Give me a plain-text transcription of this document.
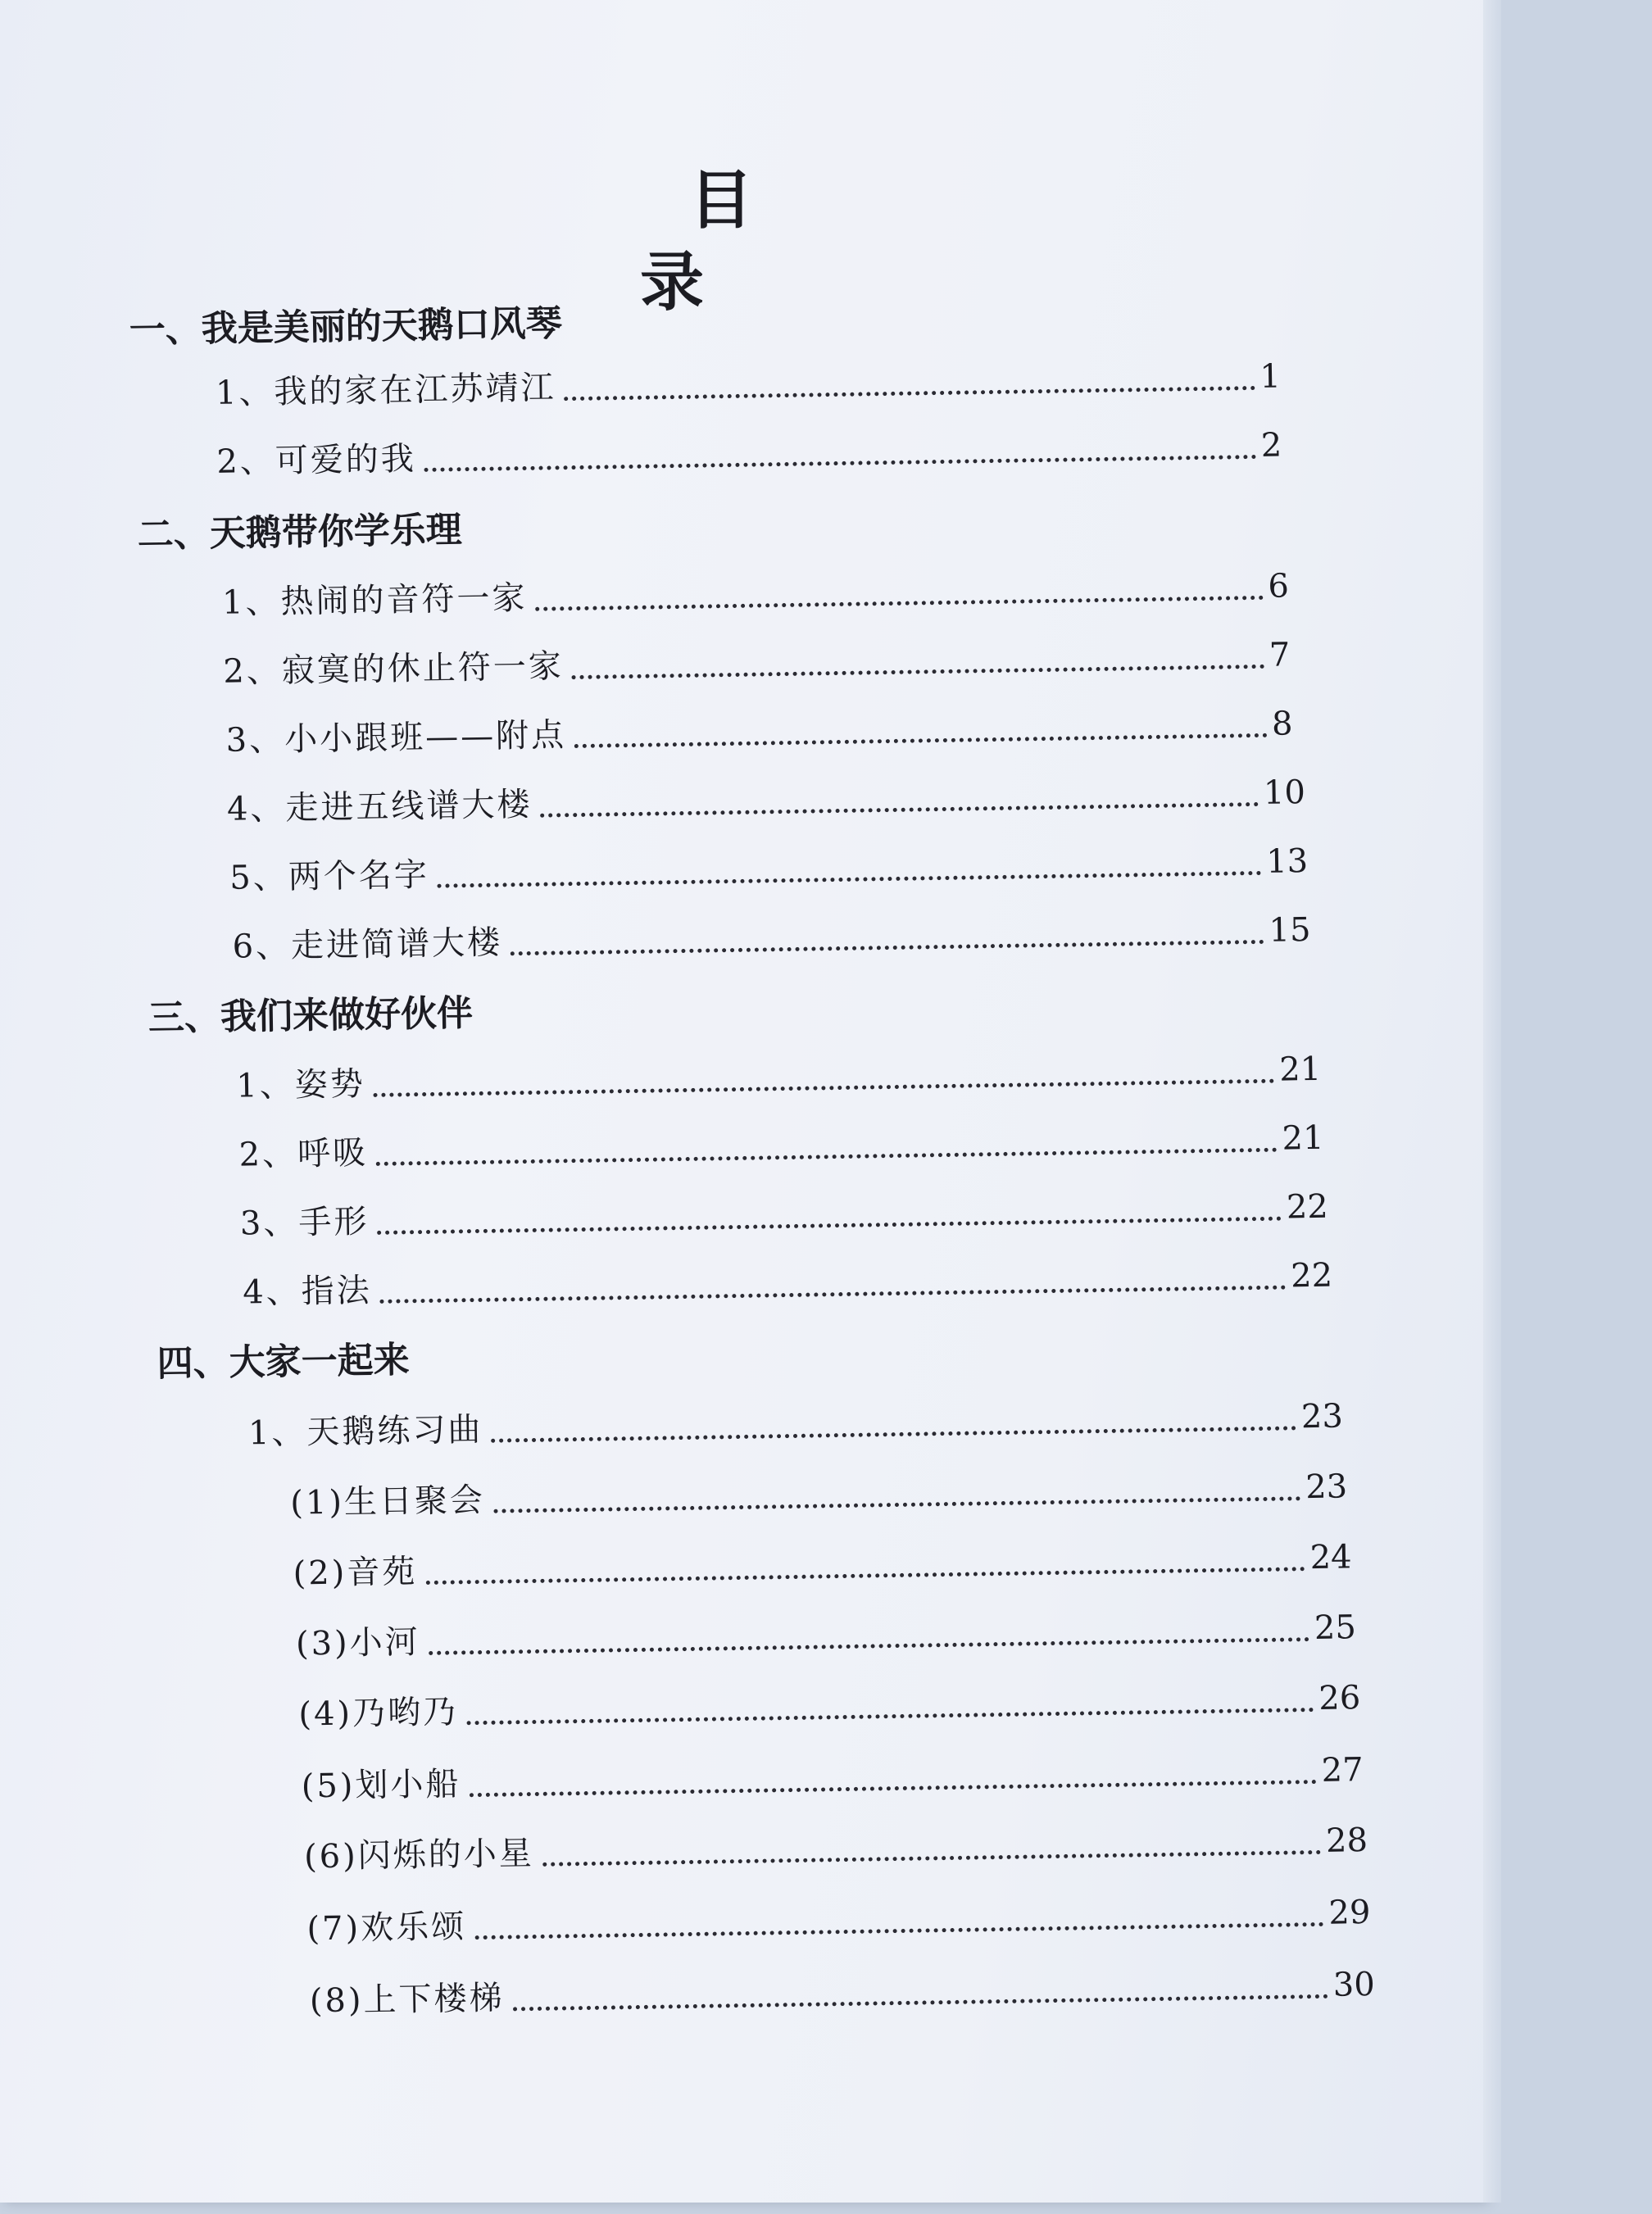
目 录
一、我是美丽的天鹅口风琴
1、我的家在江苏靖江	1
2、可爱的我	2
二、天鹅带你学乐理
1、热闹的音符一家	6
2、寂寞的休止符一家	7
3、小小跟班——附点	8
4、走进五线谱大楼	10
5、两个名字	13
6、走进简谱大楼	15
三、我们来做好伙伴
1、姿势	21
2、呼吸	21
3、手形	22
4、指法	22
四、大家一起来
1、天鹅练习曲	23
(1)生日聚会	23
(2)音苑	24
(3)小河	25
(4)乃哟乃	26
(5)划小船	27
(6)闪烁的小星	28
(7)欢乐颂	29
(8)上下楼梯	30
